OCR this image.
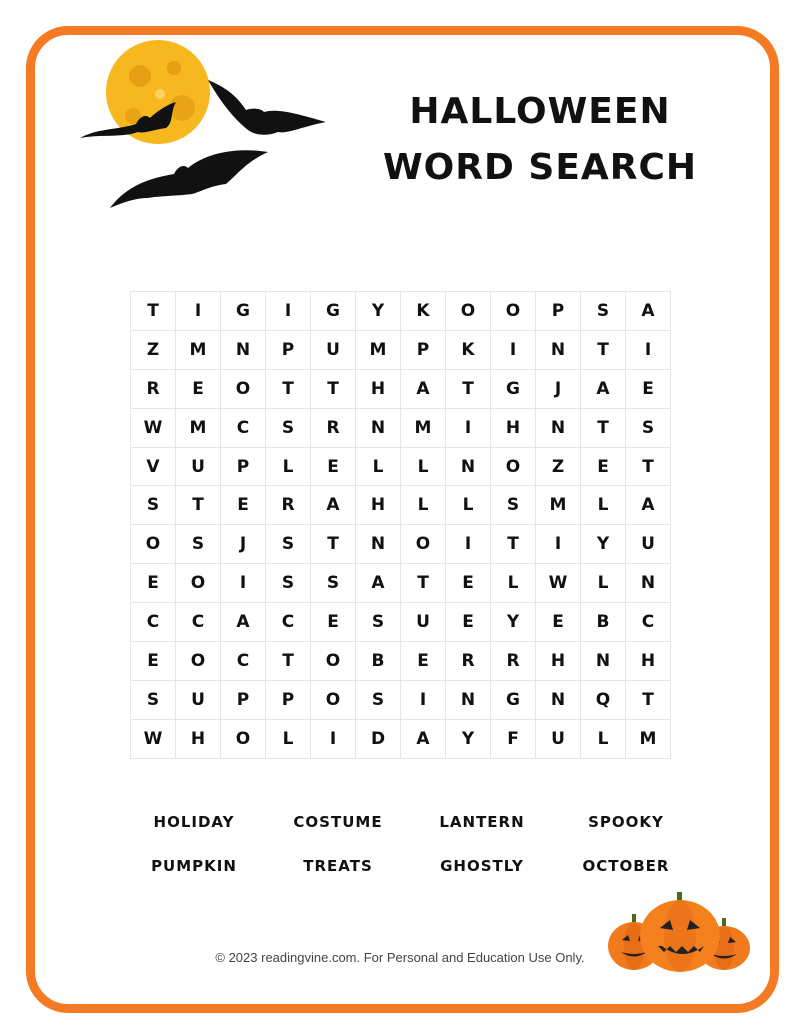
HALLOWEEN
WORD SEARCH
T	I	G	I	G	Y	K	O	O	P	S	A
Z	M	N	P	U	M	P	K	I	N	T	I
R	E	O	T	T	H	A	T	G	J	A	E
W	M	C	S	R	N	M	I	H	N	T	S
V	U	P	L	E	L	L	N	O	Z	E	T
S	T	E	R	A	H	L	L	S	M	L	A
O	S	J	S	T	N	O	I	T	I	Y	U
E	O	I	S	S	A	T	E	L	W	L	N
C	C	A	C	E	S	U	E	Y	E	B	C
E	O	C	T	O	B	E	R	R	H	N	H
S	U	P	P	O	S	I	N	G	N	Q	T
W	H	O	L	I	D	A	Y	F	U	L	M
HOLIDAY	COSTUME	LANTERN	SPOOKY
PUMPKIN	TREATS	GHOSTLY	OCTOBER
© 2023 readingvine.com. For Personal and Education Use Only.
